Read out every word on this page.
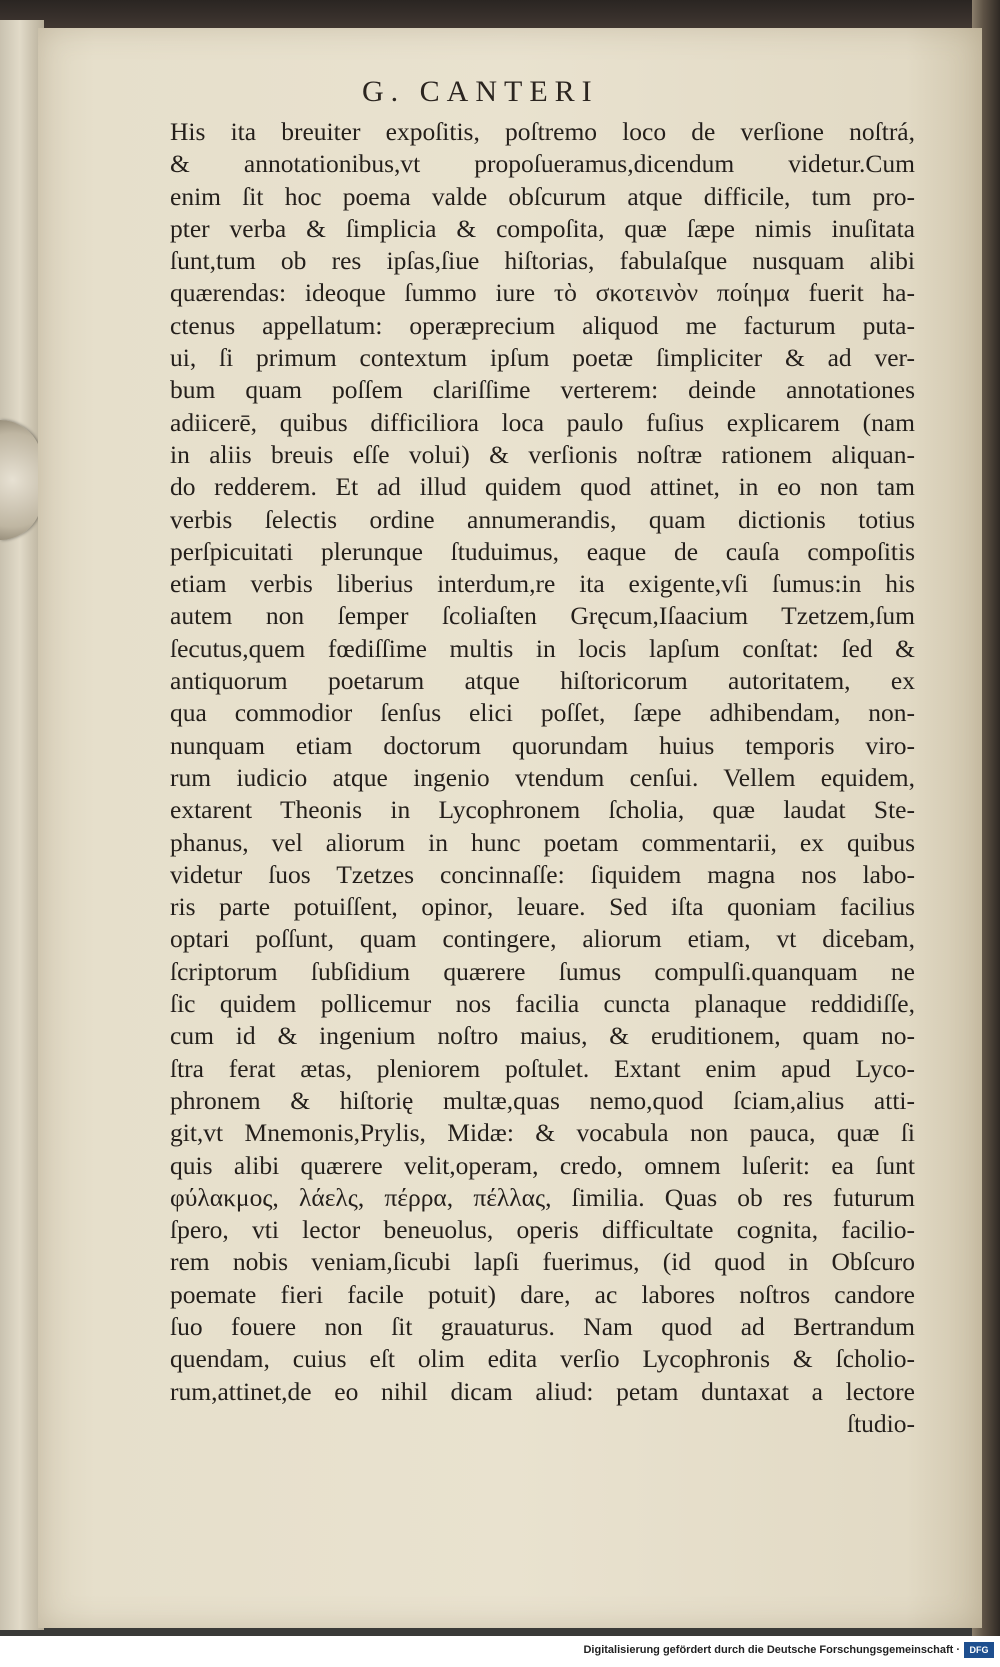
G. CANTERI
His ita breuiter expoſitis, poſtremo loco de verſione noſtrá,
& annotationibus,vt propoſueramus,dicendum videtur.Cum
enim ſit hoc poema valde obſcurum atque difficile, tum pro-
pter verba & ſimplicia & compoſita, quæ ſæpe nimis inuſitata
ſunt,tum ob res ipſas,ſiue hiſtorias, fabulaſque nusquam alibi
quærendas: ideoque ſummo iure τὸ σκοτεινὸν ποίημα fuerit ha-
ctenus appellatum: operæprecium aliquod me facturum puta-
ui, ſi primum contextum ipſum poetæ ſimpliciter & ad ver-
bum quam poſſem clariſſime verterem: deinde annotationes
adiicerē, quibus difficiliora loca paulo fuſius explicarem (nam
in aliis breuis eſſe volui) & verſionis noſtræ rationem aliquan-
do redderem. Et ad illud quidem quod attinet, in eo non tam
verbis ſelectis ordine annumerandis, quam dictionis totius
perſpicuitati plerunque ſtuduimus, eaque de cauſa compoſitis
etiam verbis liberius interdum,re ita exigente,vſi ſumus:in his
autem non ſemper ſcoliaſten Gręcum,Iſaacium Tzetzem,ſum
ſecutus,quem fœdiſſime multis in locis lapſum conſtat: ſed &
antiquorum poetarum atque hiſtoricorum autoritatem, ex
qua commodior ſenſus elici poſſet, ſæpe adhibendam, non-
nunquam etiam doctorum quorundam huius temporis viro-
rum iudicio atque ingenio vtendum cenſui. Vellem equidem,
extarent Theonis in Lycophronem ſcholia, quæ laudat Ste-
phanus, vel aliorum in hunc poetam commentarii, ex quibus
videtur ſuos Tzetzes concinnaſſe: ſiquidem magna nos labo-
ris parte potuiſſent, opinor, leuare. Sed iſta quoniam facilius
optari poſſunt, quam contingere, aliorum etiam, vt dicebam,
ſcriptorum ſubſidium quærere ſumus compulſi.quanquam ne
ſic quidem pollicemur nos facilia cuncta planaque reddidiſſe,
cum id & ingenium noſtro maius, & eruditionem, quam no-
ſtra ferat ætas, pleniorem poſtulet. Extant enim apud Lyco-
phronem & hiſtorię multæ,quas nemo,quod ſciam,alius atti-
git,vt Mnemonis,Prylis, Midæ: & vocabula non pauca, quæ ſi
quis alibi quærere velit,operam, credo, omnem luſerit: ea ſunt
φύλακμος, λάελς, πέρρα, πέλλας, ſimilia. Quas ob res futurum
ſpero, vti lector beneuolus, operis difficultate cognita, facilio-
rem nobis veniam,ſicubi lapſi fuerimus, (id quod in Obſcuro
poemate fieri facile potuit) dare, ac labores noſtros candore
ſuo fouere non ſit grauaturus. Nam quod ad Bertrandum
quendam, cuius eſt olim edita verſio Lycophronis & ſcholio-
rum,attinet,de eo nihil dicam aliud: petam duntaxat a lectore
ſtudio-
Digitalisierung gefördert durch die Deutsche Forschungsgemeinschaft ·	DFG
